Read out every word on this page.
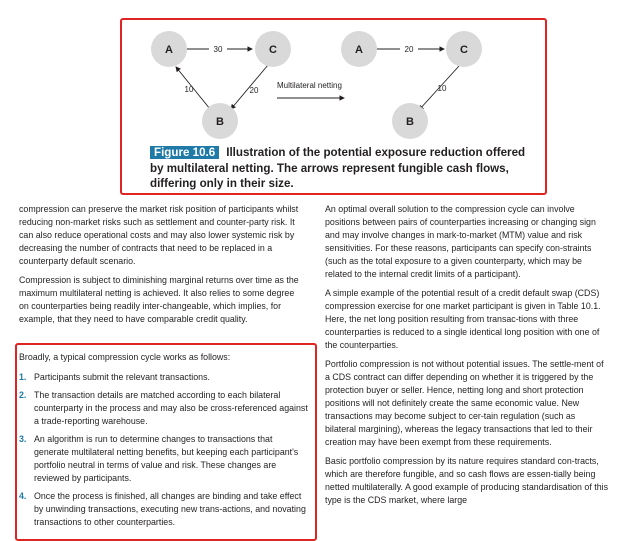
30
20
10
A	C
B
Multilateral netting
20
10
A	C
B
Figure 10.6 Illustration of the potential exposure reduction offered by multilateral netting. The arrows represent fungible cash flows, differing only in their size.

compression can preserve the market risk position of participants whilst reducing non-market risks such as settlement and counter-party risk. It can also reduce operational costs and may also lower systemic risk by decreasing the number of contracts that need to be replaced in a counterparty default scenario.

Compression is subject to diminishing marginal returns over time as the maximum multilateral netting is achieved. It also relies to some degree on counterparties being readily inter-changeable, which implies, for example, that they need to have comparable credit quality.

Broadly, a typical compression cycle works as follows:

1. Participants submit the relevant transactions.
2. The transaction details are matched according to each bilateral counterparty in the process and may also be cross-referenced against a trade-reporting warehouse.
3. An algorithm is run to determine changes to transactions that generate multilateral netting benefits, but keeping each participant's portfolio neutral in terms of value and risk. These changes are reviewed by participants.
4. Once the process is finished, all changes are binding and take effect by unwinding transactions, executing new trans-actions, and novating transactions to other counterparties.

An optimal overall solution to the compression cycle can involve positions between pairs of counterparties increasing or changing sign and may involve changes in mark-to-market (MTM) value and risk sensitivities. For these reasons, participants can specify con-straints (such as the total exposure to a given counterparty, which may be related to the internal credit limits of a participant).

A simple example of the potential result of a credit default swap (CDS) compression exercise for one market participant is given in Table 10.1. Here, the net long position resulting from transac-tions with three counterparties is reduced to a single identical long position with one of the counterparties.

Portfolio compression is not without potential issues. The settle-ment of a CDS contract can differ depending on whether it is triggered by the protection buyer or seller. Hence, netting long and short protection positions will not definitely create the same economic value. New transactions may become subject to cer-tain regulation (such as bilateral margining), whereas the legacy transactions that led to their creation may have been exempt from these requirements.

Basic portfolio compression by its nature requires standard con-tracts, which are therefore fungible, and so cash flows are essen-tially being netted multilaterally. A good example of producing standardisation of this type is the CDS market, where large
